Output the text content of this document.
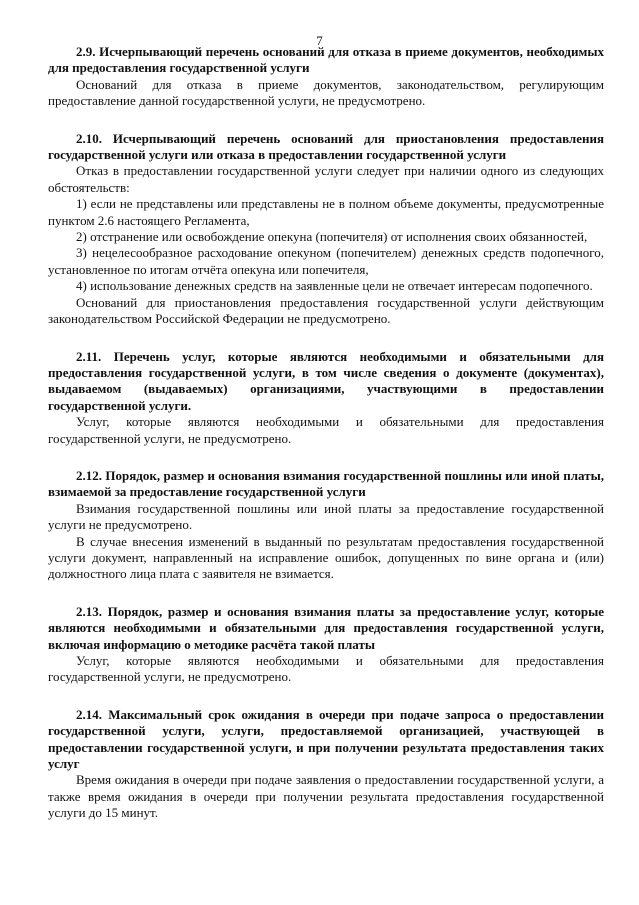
7

2.9. Исчерпывающий перечень оснований для отказа в приеме документов, необходимых для предоставления государственной услуги

Оснований для отказа в приеме документов, законодательством, регулирующим предоставление данной государственной услуги, не предусмотрено.

2.10. Исчерпывающий перечень оснований для приостановления предоставления государственной услуги или отказа в предоставлении государственной услуги

Отказ в предоставлении государственной услуги следует при наличии одного из следующих обстоятельств:

1) если не представлены или представлены не в полном объеме документы, предусмотренные пунктом 2.6 настоящего Регламента,

2) отстранение или освобождение опекуна (попечителя) от исполнения своих обязанностей,

3) нецелесообразное расходование опекуном (попечителем) денежных средств подопечного, установленное по итогам отчёта опекуна или попечителя,

4) использование денежных средств на заявленные цели не отвечает интересам подопечного.

Оснований для приостановления предоставления государственной услуги действующим законодательством Российской Федерации не предусмотрено.

2.11. Перечень услуг, которые являются необходимыми и обязательными для предоставления государственной услуги, в том числе сведения о документе (документах), выдаваемом (выдаваемых) организациями, участвующими в предоставлении государственной услуги.

Услуг, которые являются необходимыми и обязательными для предоставления государственной услуги, не предусмотрено.

2.12. Порядок, размер и основания взимания государственной пошлины или иной платы, взимаемой за предоставление государственной услуги

Взимания государственной пошлины или иной платы за предоставление государственной услуги не предусмотрено.

В случае внесения изменений в выданный по результатам предоставления государственной услуги документ, направленный на исправление ошибок, допущенных по вине органа и (или) должностного лица плата с заявителя не взимается.

2.13. Порядок, размер и основания взимания платы за предоставление услуг, которые являются необходимыми и обязательными для предоставления государственной услуги, включая информацию о методике расчёта такой платы

Услуг, которые являются необходимыми и обязательными для предоставления государственной услуги, не предусмотрено.

2.14. Максимальный срок ожидания в очереди при подаче запроса о предоставлении государственной услуги, услуги, предоставляемой организацией, участвующей в предоставлении государственной услуги, и при получении результата предоставления таких услуг

Время ожидания в очереди при подаче заявления о предоставлении государственной услуги, а также время ожидания в очереди при получении результата предоставления государственной услуги до 15 минут.
